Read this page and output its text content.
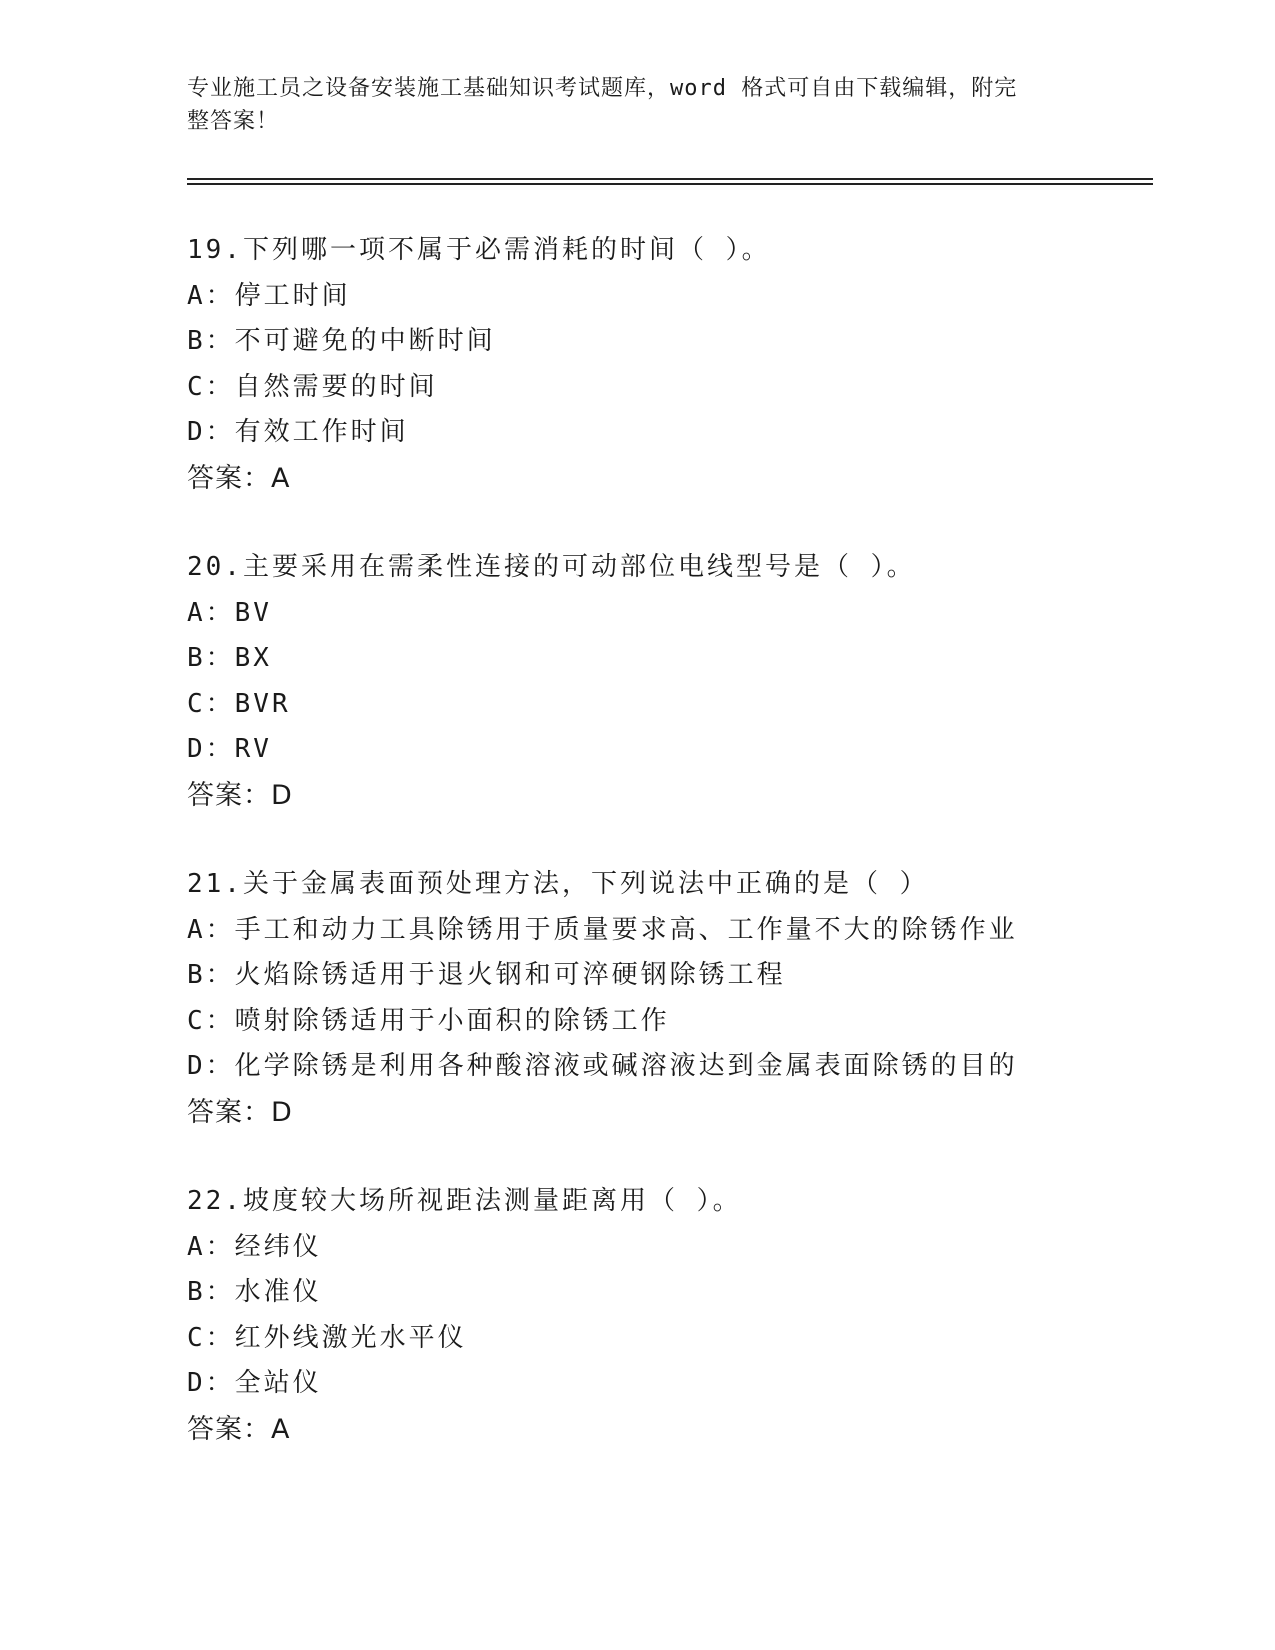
专业施工员之设备安装施工基础知识考试题库，word 格式可自由下载编辑，附完
整答案！
19.下列哪一项不属于必需消耗的时间（ ）。
A：停工时间
B：不可避免的中断时间
C：自然需要的时间
D：有效工作时间
答案：A
20.主要采用在需柔性连接的可动部位电线型号是（ ）。
A：BV
B：BX
C：BVR
D：RV
答案：D
21.关于金属表面预处理方法，下列说法中正确的是（ ）
A：手工和动力工具除锈用于质量要求高、工作量不大的除锈作业
B：火焰除锈适用于退火钢和可淬硬钢除锈工程
C：喷射除锈适用于小面积的除锈工作
D：化学除锈是利用各种酸溶液或碱溶液达到金属表面除锈的目的
答案：D
22.坡度较大场所视距法测量距离用（ ）。
A：经纬仪
B：水准仪
C：红外线激光水平仪
D：全站仪
答案：A
